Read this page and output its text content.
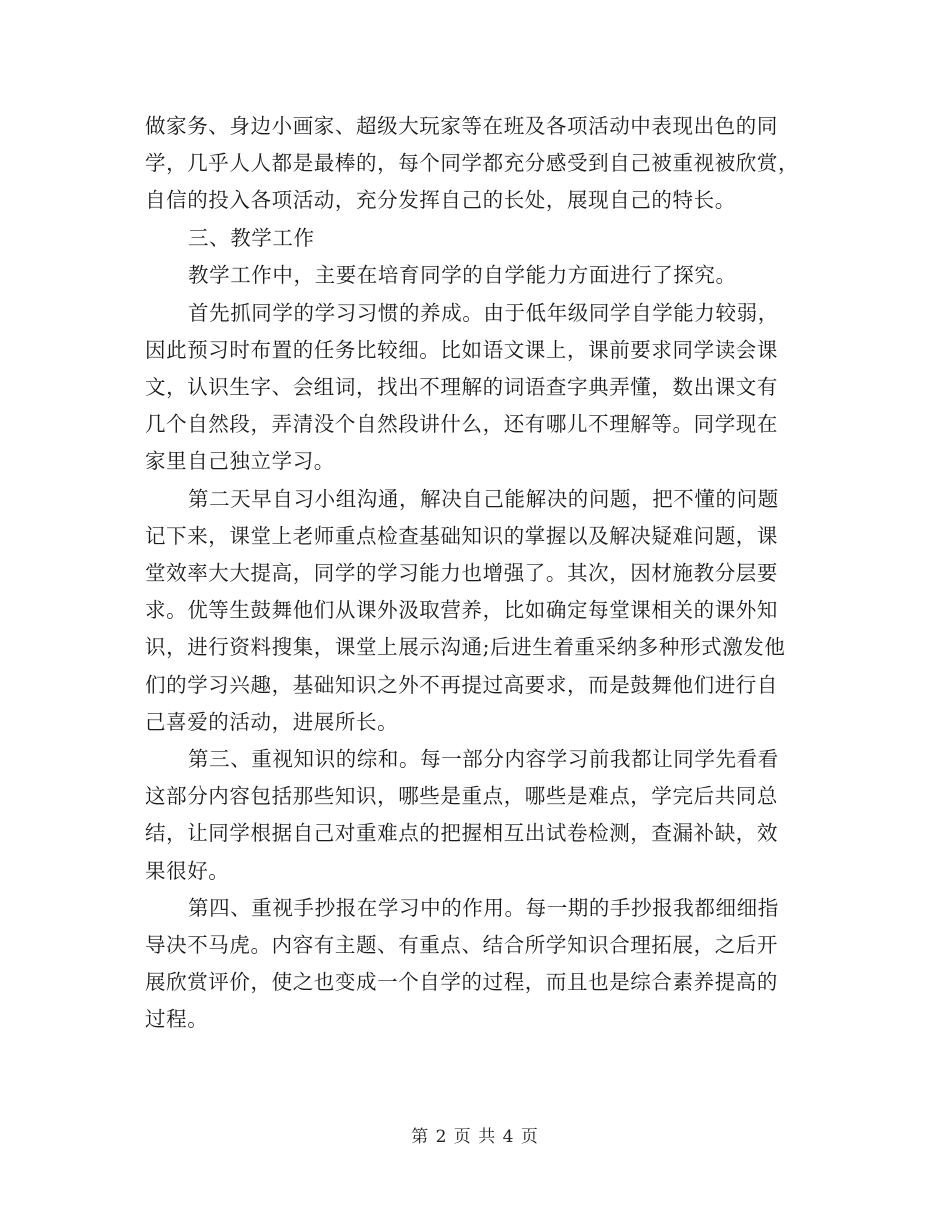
做家务、身边小画家、超级大玩家等在班及各项活动中表现出色的同
学，几乎人人都是最棒的，每个同学都充分感受到自己被重视被欣赏，
自信的投入各项活动，充分发挥自己的长处，展现自己的特长。
三、教学工作
教学工作中，主要在培育同学的自学能力方面进行了探究。
首先抓同学的学习习惯的养成。由于低年级同学自学能力较弱，
因此预习时布置的任务比较细。比如语文课上，课前要求同学读会课
文，认识生字、会组词，找出不理解的词语查字典弄懂，数出课文有
几个自然段，弄清没个自然段讲什么，还有哪儿不理解等。同学现在
家里自己独立学习。
第二天早自习小组沟通，解决自己能解决的问题，把不懂的问题
记下来，课堂上老师重点检查基础知识的掌握以及解决疑难问题，课
堂效率大大提高，同学的学习能力也增强了。其次，因材施教分层要
求。优等生鼓舞他们从课外汲取营养，比如确定每堂课相关的课外知
识，进行资料搜集，课堂上展示沟通;后进生着重采纳多种形式激发他
们的学习兴趣，基础知识之外不再提过高要求，而是鼓舞他们进行自
己喜爱的活动，进展所长。
第三、重视知识的综和。每一部分内容学习前我都让同学先看看
这部分内容包括那些知识，哪些是重点，哪些是难点，学完后共同总
结，让同学根据自己对重难点的把握相互出试卷检测，查漏补缺，效
果很好。
第四、重视手抄报在学习中的作用。每一期的手抄报我都细细指
导决不马虎。内容有主题、有重点、结合所学知识合理拓展，之后开
展欣赏评价，使之也变成一个自学的过程，而且也是综合素养提高的
过程。
第 2 页 共 4 页
